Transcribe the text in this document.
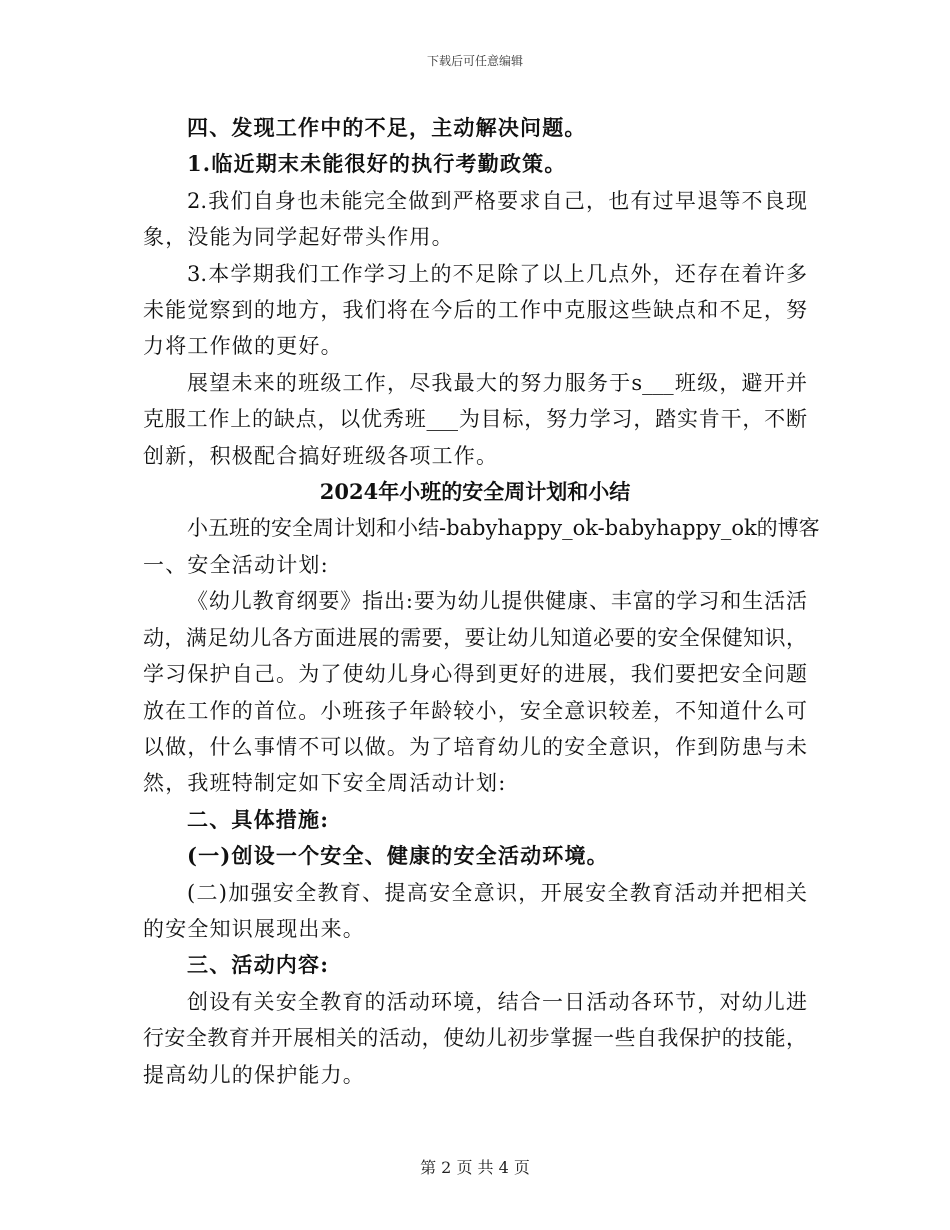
下载后可任意编辑
四、发现工作中的不足，主动解决问题。
1.临近期末未能很好的执行考勤政策。
2.我们自身也未能完全做到严格要求自己，也有过早退等不良现
象，没能为同学起好带头作用。
3.本学期我们工作学习上的不足除了以上几点外，还存在着许多
未能觉察到的地方，我们将在今后的工作中克服这些缺点和不足，努
力将工作做的更好。
展望未来的班级工作，尽我最大的努力服务于s___班级，避开并
克服工作上的缺点，以优秀班___为目标，努力学习，踏实肯干，不断
创新，积极配合搞好班级各项工作。
2024年小班的安全周计划和小结
小五班的安全周计划和小结-babyhappy_ok-babyhappy_ok的博客
一、安全活动计划:
《幼儿教育纲要》指出:要为幼儿提供健康、丰富的学习和生活活
动，满足幼儿各方面进展的需要，要让幼儿知道必要的安全保健知识，
学习保护自己。为了使幼儿身心得到更好的进展，我们要把安全问题
放在工作的首位。小班孩子年龄较小，安全意识较差，不知道什么可
以做，什么事情不可以做。为了培育幼儿的安全意识，作到防患与未
然，我班特制定如下安全周活动计划:
二、具体措施:
(一)创设一个安全、健康的安全活动环境。
(二)加强安全教育、提高安全意识，开展安全教育活动并把相关
的安全知识展现出来。
三、活动内容:
创设有关安全教育的活动环境，结合一日活动各环节，对幼儿进
行安全教育并开展相关的活动，使幼儿初步掌握一些自我保护的技能，
提高幼儿的保护能力。
第 2 页 共 4 页
